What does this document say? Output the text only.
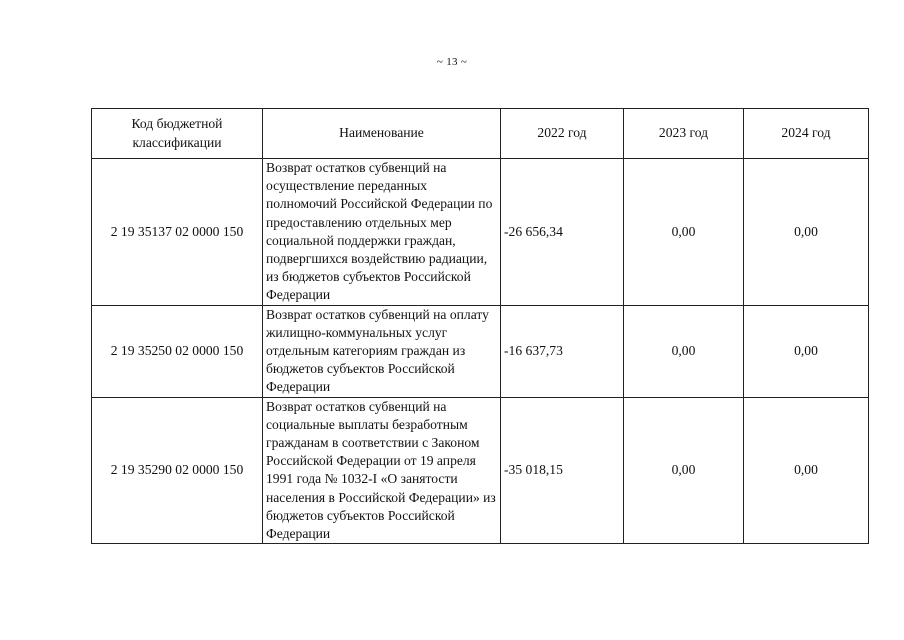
~ 13 ~
Код бюджетной классификации	Наименование	2022 год	2023 год	2024 год
2 19 35137 02 0000 150	Возврат остатков субвенций на осуществление переданных полномочий Российской Федерации по предоставлению отдельных мер социальной поддержки граждан, подвергшихся воздействию радиации, из бюджетов субъектов Российской Федерации	-26 656,34	0,00	0,00
2 19 35250 02 0000 150	Возврат остатков субвенций на оплату жилищно-коммунальных услуг отдельным категориям граждан из бюджетов субъектов Российской Федерации	-16 637,73	0,00	0,00
2 19 35290 02 0000 150	Возврат остатков субвенций на социальные выплаты безработным гражданам в соответствии с Законом Российской Федерации от 19 апреля 1991 года № 1032-I «О занятости населения в Российской Федерации» из бюджетов субъектов Российской Федерации	-35 018,15	0,00	0,00
